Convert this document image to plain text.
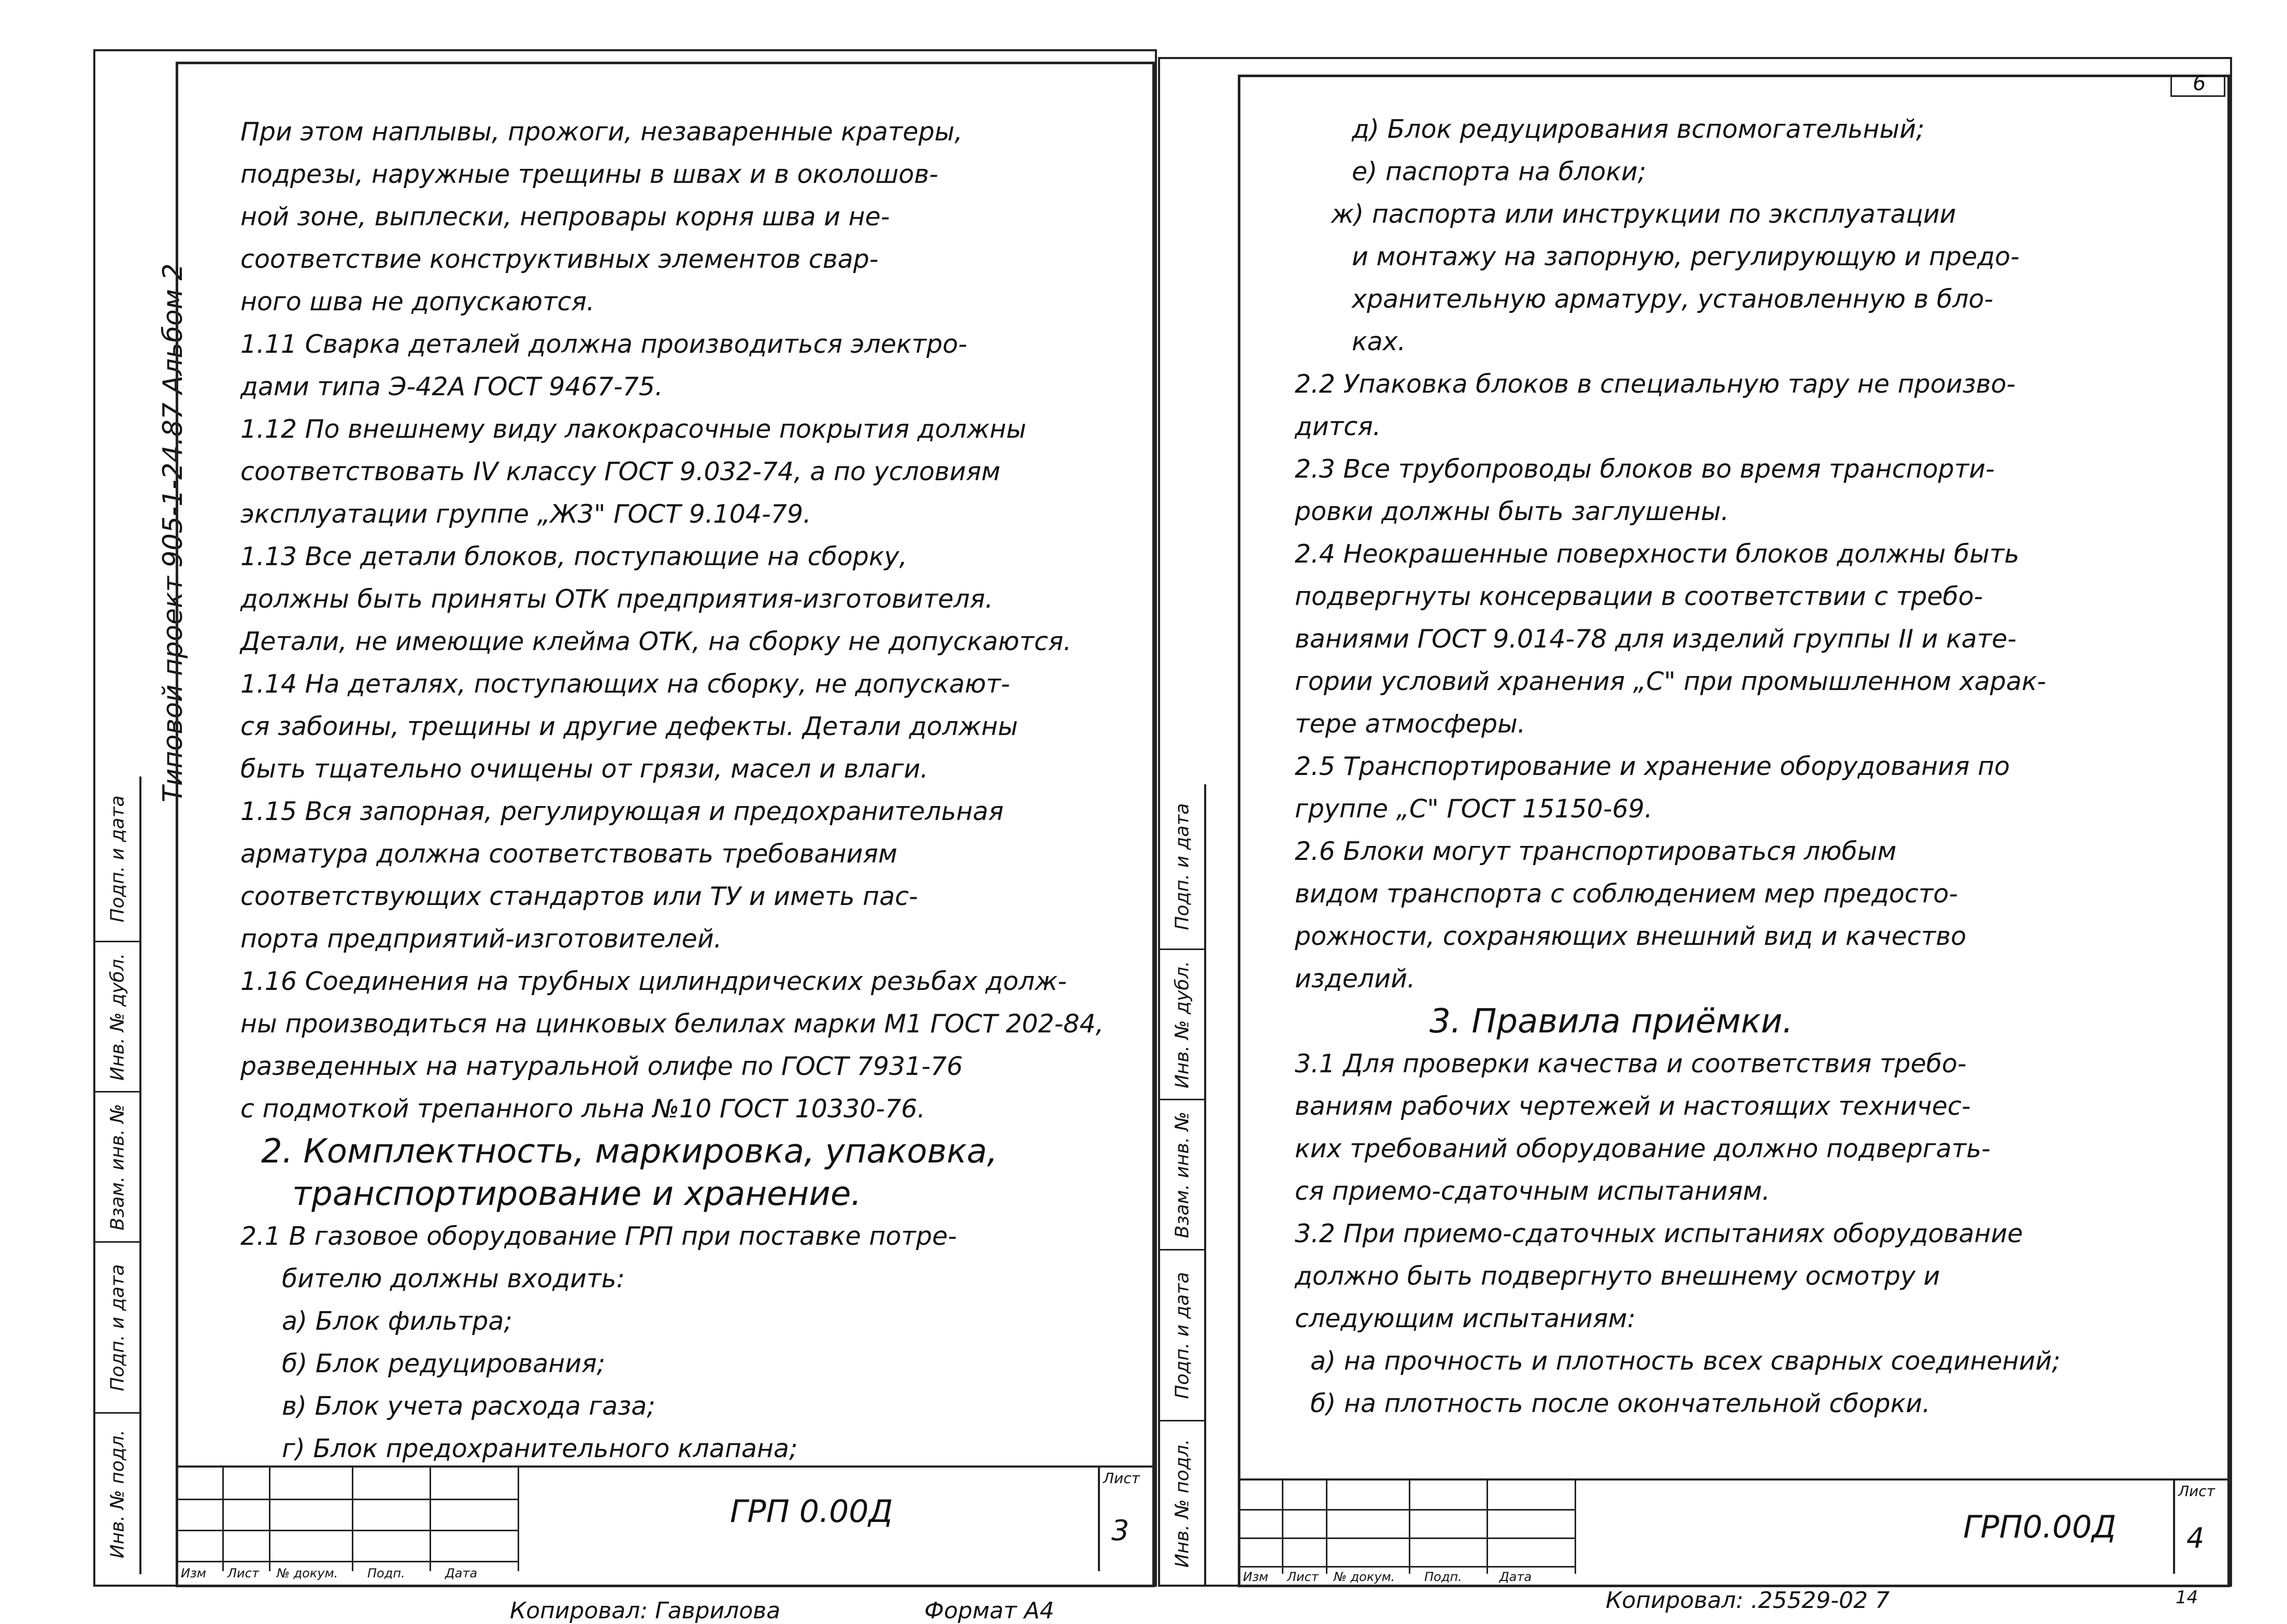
Типовой проект 905-1-24.87 Альбом 2
Подп. и дата
Инв. № дубл.
Взам. инв. №
Подп. и дата
Инв. № подл.
При этом наплывы, прожоги, незаваренные кратеры,
подрезы, наружные трещины в швах и в околошов-
ной зоне, выплески, непровары корня шва и не-
соответствие конструктивных элементов свар-
ного шва не допускаются.
1.11 Сварка деталей должна производиться электро-
дами типа Э-42А ГОСТ 9467-75.
1.12 По внешнему виду лакокрасочные покрытия должны
соответствовать IV классу ГОСТ 9.032-74, а по условиям
эксплуатации группе „Ж3" ГОСТ 9.104-79.
1.13 Все детали блоков, поступающие на сборку,
должны быть приняты ОТК предприятия-изготовителя.
Детали, не имеющие клейма ОТК, на сборку не допускаются.
1.14 На деталях, поступающих на сборку, не допускают-
ся забоины, трещины и другие дефекты. Детали должны
быть тщательно очищены от грязи, масел и влаги.
1.15 Вся запорная, регулирующая и предохранительная
арматура должна соответствовать требованиям
соответствующих стандартов или ТУ и иметь пас-
порта предприятий-изготовителей.
1.16 Соединения на трубных цилиндрических резьбах долж-
ны производиться на цинковых белилах марки М1 ГОСТ 202-84,
разведенных на натуральной олифе по ГОСТ 7931-76
с подмоткой трепанного льна №10 ГОСТ 10330-76.
2. Комплектность, маркировка, упаковка,
транспортирование и хранение.
2.1 В газовое оборудование ГРП при поставке потре-
бителю должны входить:
а) Блок фильтра;
б) Блок редуцирования;
в) Блок учета расхода газа;
г) Блок предохранительного клапана;
Изм Лист № докум. Подп.	Дата
ГРП 0.00Д
Лист
3
Копировал: Гаврилова	Формат А4
6
Подп. и дата
Инв. № дубл.
Взам. инв. №
Подп. и дата
Инв. № подл.
д) Блок редуцирования вспомогательный;
е) паспорта на блоки;
ж) паспорта или инструкции по эксплуатации
и монтажу на запорную, регулирующую и предо-
хранительную арматуру, установленную в бло-
ках.
2.2 Упаковка блоков в специальную тару не произво-
дится.
2.3 Все трубопроводы блоков во время транспорти-
ровки должны быть заглушены.
2.4 Неокрашенные поверхности блоков должны быть
подвергнуты консервации в соответствии с требо-
ваниями ГОСТ 9.014-78 для изделий группы II и кате-
гории условий хранения „С" при промышленном харак-
тере атмосферы.
2.5 Транспортирование и хранение оборудования по
группе „С" ГОСТ 15150-69.
2.6 Блоки могут транспортироваться любым
видом транспорта с соблюдением мер предосто-
рожности, сохраняющих внешний вид и качество
изделий.
3. Правила приёмки.
3.1 Для проверки качества и соответствия требо-
ваниям рабочих чертежей и настоящих техничес-
ких требований оборудование должно подвергать-
ся приемо-сдаточным испытаниям.
3.2 При приемо-сдаточных испытаниях оборудование
должно быть подвергнуто внешнему осмотру и
следующим испытаниям:
а) на прочность и плотность всех сварных соединений;
б) на плотность после окончательной сборки.
Изм Лист № докум. Подп.	Дата
ГРП0.00Д
Лист
4
Копировал: .25529-02 7	14
